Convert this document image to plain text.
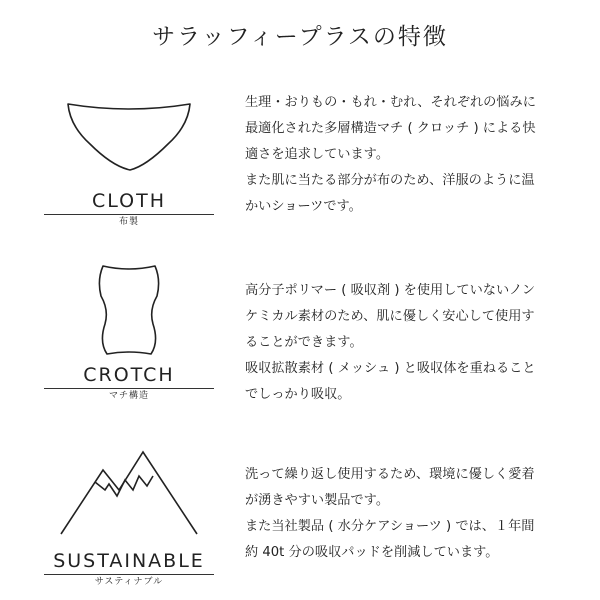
サラッフィープラスの特徴
CLOTH
布製

生理・おりもの・もれ・むれ、それぞれの悩みに

最適化された多層構造マチ ( クロッチ ) による快

適さを追求しています。

また肌に当たる部分が布のため、洋服のように温

かいショーツです。

CROTCH
マチ構造

高分子ポリマー ( 吸収剤 ) を使用していないノン

ケミカル素材のため、肌に優しく安心して使用す

ることができます。

吸収拡散素材 ( メッシュ ) と吸収体を重ねること

でしっかり吸収。

SUSTAINABLE
サスティナブル

洗って繰り返し使用するため、環境に優しく愛着

が湧きやすい製品です。

また当社製品 ( 水分ケアショーツ ) では、１年間

約 40t 分の吸収パッドを削減しています。
